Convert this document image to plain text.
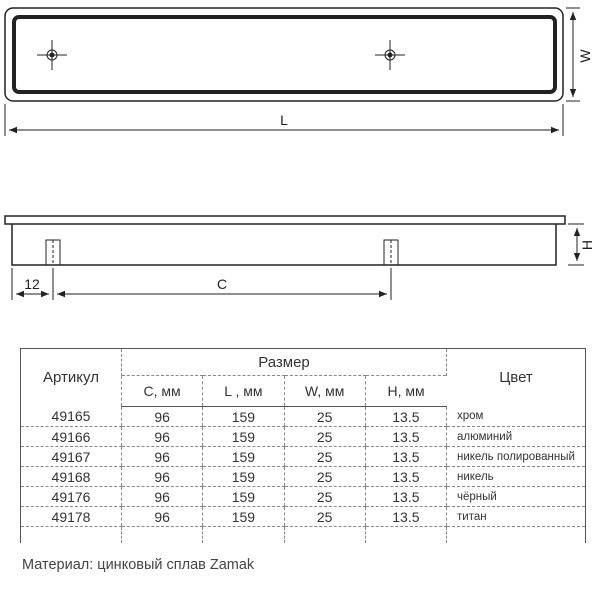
W
L
H
12	C
Артикул	Размер				Цвет
	C, мм	L , мм	W, мм	H, мм	
49165	96	159	25	13.5	хром
49166	96	159	25	13.5	алюминий
49167	96	159	25	13.5	никель полированный
49168	96	159	25	13.5	никель
49176	96	159	25	13.5	чёрный
49178	96	159	25	13.5	титан

Материал: цинковый сплав Zamak
